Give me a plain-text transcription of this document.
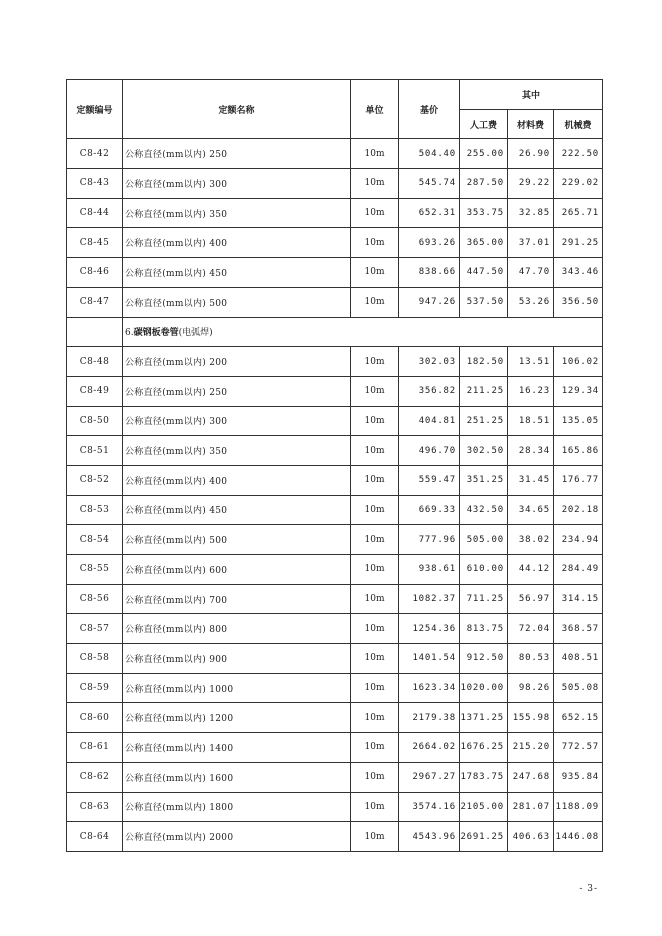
定额编号	定额名称	单位	基价	其中		
				人工费	材料费	机械费
C8-42	公称直径(mm以内) 250	10m	504.40	255.00	26.90	222.50
C8-43	公称直径(mm以内) 300	10m	545.74	287.50	29.22	229.02
C8-44	公称直径(mm以内) 350	10m	652.31	353.75	32.85	265.71
C8-45	公称直径(mm以内) 400	10m	693.26	365.00	37.01	291.25
C8-46	公称直径(mm以内) 450	10m	838.66	447.50	47.70	343.46
C8-47	公称直径(mm以内) 500	10m	947.26	537.50	53.26	356.50
	6.碳钢板卷管(电弧焊)					
C8-48	公称直径(mm以内) 200	10m	302.03	182.50	13.51	106.02
C8-49	公称直径(mm以内) 250	10m	356.82	211.25	16.23	129.34
C8-50	公称直径(mm以内) 300	10m	404.81	251.25	18.51	135.05
C8-51	公称直径(mm以内) 350	10m	496.70	302.50	28.34	165.86
C8-52	公称直径(mm以内) 400	10m	559.47	351.25	31.45	176.77
C8-53	公称直径(mm以内) 450	10m	669.33	432.50	34.65	202.18
C8-54	公称直径(mm以内) 500	10m	777.96	505.00	38.02	234.94
C8-55	公称直径(mm以内) 600	10m	938.61	610.00	44.12	284.49
C8-56	公称直径(mm以内) 700	10m	1082.37	711.25	56.97	314.15
C8-57	公称直径(mm以内) 800	10m	1254.36	813.75	72.04	368.57
C8-58	公称直径(mm以内) 900	10m	1401.54	912.50	80.53	408.51
C8-59	公称直径(mm以内) 1000	10m	1623.34	1020.00	98.26	505.08
C8-60	公称直径(mm以内) 1200	10m	2179.38	1371.25	155.98	652.15
C8-61	公称直径(mm以内) 1400	10m	2664.02	1676.25	215.20	772.57
C8-62	公称直径(mm以内) 1600	10m	2967.27	1783.75	247.68	935.84
C8-63	公称直径(mm以内) 1800	10m	3574.16	2105.00	281.07	1188.09
C8-64	公称直径(mm以内) 2000	10m	4543.96	2691.25	406.63	1446.08
- 3-
